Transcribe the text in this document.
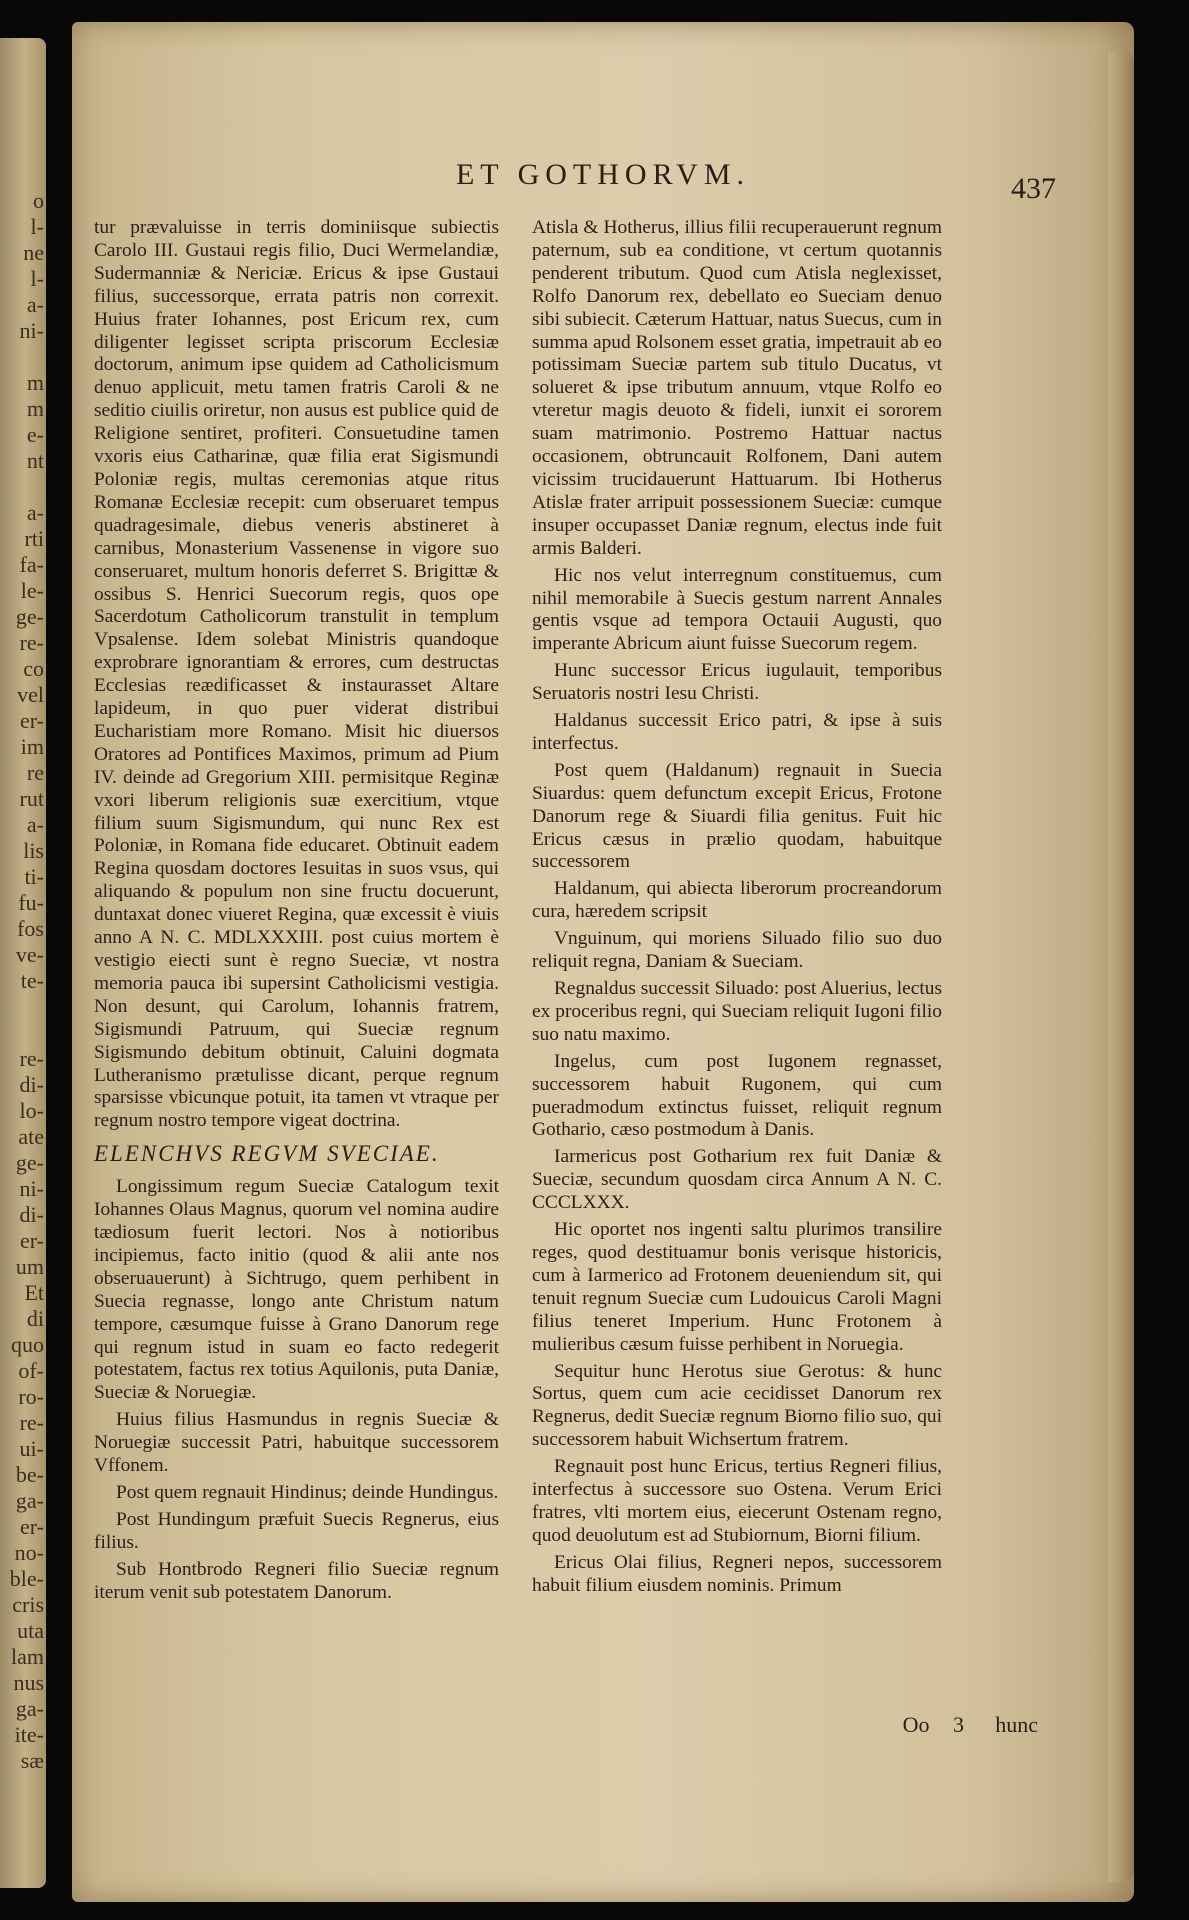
o
l-
ne
l-
a-
ni-

m
m
e-
nt

a-
rti
fa-
le-
ge-
re-
co
vel
er-
im
re
rut
a-
lis
ti-
fu-
fos
ve-
te-

re-
di-
lo-
ate
ge-
ni-
di-
er-
um
Et
di
quo
of-
ro-
re-
ui-
be-
ga-
er-
no-
ble-
cris
uta
lam
nus
ga-
ite-
sæ
ET GOTHORVM.	437

tur prævaluisse in terris dominiisque subiectis Carolo III. Gustaui regis filio, Duci Wermelandiæ, Sudermanniæ & Nericiæ. Ericus & ipse Gustaui filius, successorque, errata patris non correxit. Huius frater Iohannes, post Ericum rex, cum diligenter legisset scripta priscorum Ecclesiæ doctorum, animum ipse quidem ad Catholicismum denuo applicuit, metu tamen fratris Caroli & ne seditio ciuilis oriretur, non ausus est publice quid de Religione sentiret, profiteri. Consuetudine tamen vxoris eius Catharinæ, quæ filia erat Sigismundi Poloniæ regis, multas ceremonias atque ritus Romanæ Ecclesiæ recepit: cum obseruaret tempus quadragesimale, diebus veneris abstineret à carnibus, Monasterium Vassenense in vigore suo conseruaret, multum honoris deferret S. Brigittæ & ossibus S. Henrici Suecorum regis, quos ope Sacerdotum Catholicorum transtulit in templum Vpsalense. Idem solebat Ministris quandoque exprobrare ignorantiam & errores, cum destructas Ecclesias reædificasset & instaurasset Altare lapideum, in quo puer viderat distribui Eucharistiam more Romano. Misit hic diuersos Oratores ad Pontifices Maximos, primum ad Pium IV. deinde ad Gregorium XIII. permisitque Reginæ vxori liberum religionis suæ exercitium, vtque filium suum Sigismundum, qui nunc Rex est Poloniæ, in Romana fide educaret. Obtinuit eadem Regina quosdam doctores Iesuitas in suos vsus, qui aliquando & populum non sine fructu docuerunt, duntaxat donec viueret Regina, quæ excessit è viuis anno A N. C. MDLXXXIII. post cuius mortem è vestigio eiecti sunt è regno Sueciæ, vt nostra memoria pauca ibi supersint Catholicismi vestigia. Non desunt, qui Carolum, Iohannis fratrem, Sigismundi Patruum, qui Sueciæ regnum Sigismundo debitum obtinuit, Caluini dogmata Lutheranismo prætulisse dicant, perque regnum sparsisse vbicunque potuit, ita tamen vt vtraque per regnum nostro tempore vigeat doctrina.

ELENCHVS REGVM SVECIAE.

Longissimum regum Sueciæ Catalogum texit Iohannes Olaus Magnus, quorum vel nomina audire tædiosum fuerit lectori. Nos à notioribus incipiemus, facto initio (quod & alii ante nos obseruauerunt) à Sichtrugo, quem perhibent in Suecia regnasse, longo ante Christum natum tempore, cæsumque fuisse à Grano Danorum rege qui regnum istud in suam eo facto redegerit potestatem, factus rex totius Aquilonis, puta Daniæ, Sueciæ & Noruegiæ.

Huius filius Hasmundus in regnis Sueciæ & Noruegiæ successit Patri, habuitque successorem Vffonem.

Post quem regnauit Hindinus; deinde Hundingus.

Post Hundingum præfuit Suecis Regnerus, eius filius.

Sub Hontbrodo Regneri filio Sueciæ regnum iterum venit sub potestatem Danorum.

Atisla & Hotherus, illius filii recuperauerunt regnum paternum, sub ea conditione, vt certum quotannis penderent tributum. Quod cum Atisla neglexisset, Rolfo Danorum rex, debellato eo Sueciam denuo sibi subiecit. Cæterum Hattuar, natus Suecus, cum in summa apud Rolsonem esset gratia, impetrauit ab eo potissimam Sueciæ partem sub titulo Ducatus, vt solueret & ipse tributum annuum, vtque Rolfo eo vteretur magis deuoto & fideli, iunxit ei sororem suam matrimonio. Postremo Hattuar nactus occasionem, obtruncauit Rolfonem, Dani autem vicissim trucidauerunt Hattuarum. Ibi Hotherus Atislæ frater arripuit possessionem Sueciæ: cumque insuper occupasset Daniæ regnum, electus inde fuit armis Balderi.

Hic nos velut interregnum constituemus, cum nihil memorabile à Suecis gestum narrent Annales gentis vsque ad tempora Octauii Augusti, quo imperante Abricum aiunt fuisse Suecorum regem.

Hunc successor Ericus iugulauit, temporibus Seruatoris nostri Iesu Christi.

Haldanus successit Erico patri, & ipse à suis interfectus.

Post quem (Haldanum) regnauit in Suecia Siuardus: quem defunctum excepit Ericus, Frotone Danorum rege & Siuardi filia genitus. Fuit hic Ericus cæsus in prælio quodam, habuitque successorem

Haldanum, qui abiecta liberorum procreandorum cura, hæredem scripsit

Vnguinum, qui moriens Siluado filio suo duo reliquit regna, Daniam & Sueciam.

Regnaldus successit Siluado: post Aluerius, lectus ex proceribus regni, qui Sueciam reliquit Iugoni filio suo natu maximo.

Ingelus, cum post Iugonem regnasset, successorem habuit Rugonem, qui cum pueradmodum extinctus fuisset, reliquit regnum Gothario, cæso postmodum à Danis.

Iarmericus post Gotharium rex fuit Daniæ & Sueciæ, secundum quosdam circa Annum A N. C. CCCLXXX.

Hic oportet nos ingenti saltu plurimos transilire reges, quod destituamur bonis verisque historicis, cum à Iarmerico ad Frotonem deueniendum sit, qui tenuit regnum Sueciæ cum Ludouicus Caroli Magni filius teneret Imperium. Hunc Frotonem à mulieribus cæsum fuisse perhibent in Noruegia.

Sequitur hunc Herotus siue Gerotus: & hunc Sortus, quem cum acie cecidisset Danorum rex Regnerus, dedit Sueciæ regnum Biorno filio suo, qui successorem habuit Wichsertum fratrem.

Regnauit post hunc Ericus, tertius Regneri filius, interfectus à successore suo Ostena. Verum Erici fratres, vlti mortem eius, eiecerunt Ostenam regno, quod deuolutum est ad Stubiornum, Biorni filium.

Ericus Olai filius, Regneri nepos, successorem habuit filium eiusdem nominis. Primum

Oo 3 hunc
